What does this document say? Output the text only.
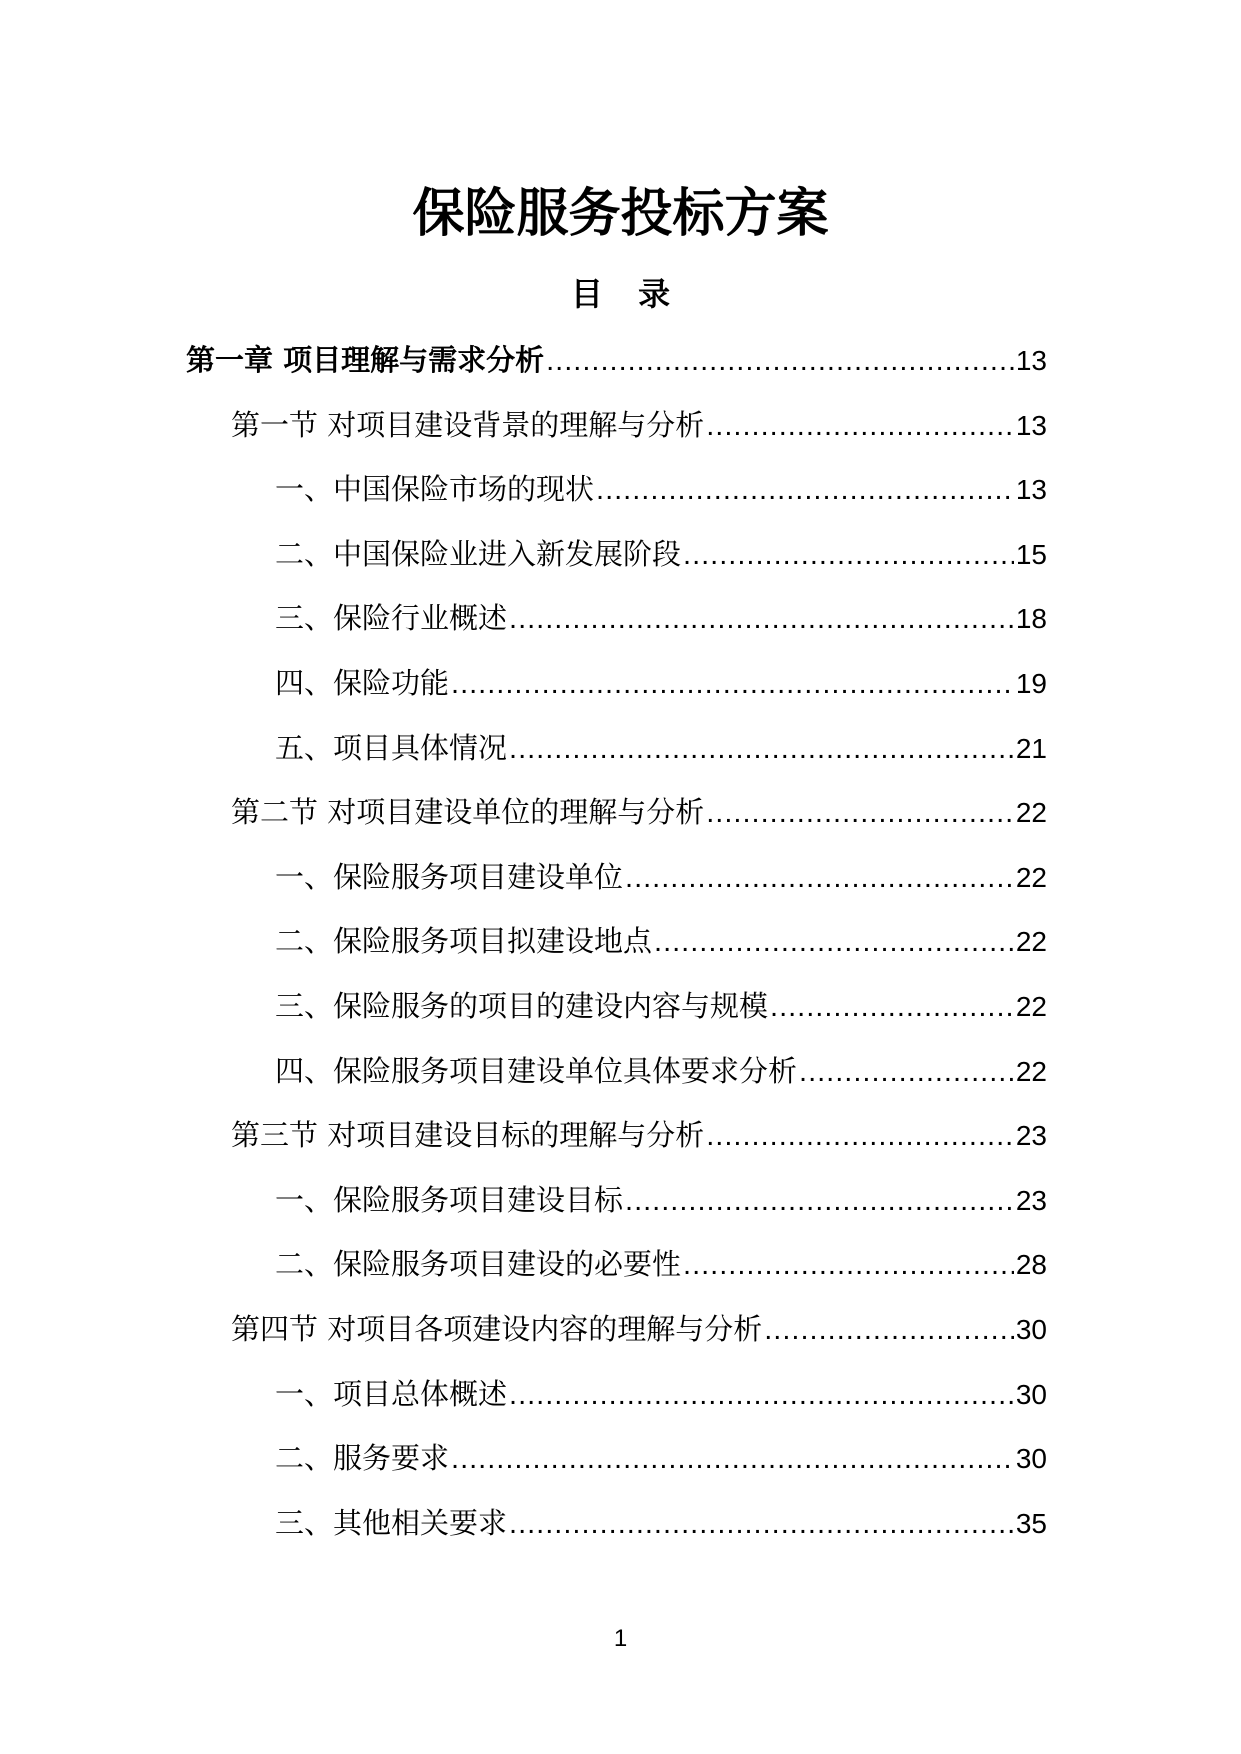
保险服务投标方案
目 录
第一章 项目理解与需求分析 .....	13
第一节 对项目建设背景的理解与分析 .....	13
一、中国保险市场的现状 .....	13
二、中国保险业进入新发展阶段 .....	15
三、保险行业概述 .....	18
四、保险功能 .....	19
五、项目具体情况 .....	21
第二节 对项目建设单位的理解与分析 .....	22
一、保险服务项目建设单位 .....	22
二、保险服务项目拟建设地点 .....	22
三、保险服务的项目的建设内容与规模 .....	22
四、保险服务项目建设单位具体要求分析 .....	22
第三节 对项目建设目标的理解与分析 .....	23
一、保险服务项目建设目标 .....	23
二、保险服务项目建设的必要性 .....	28
第四节 对项目各项建设内容的理解与分析 .....	30
一、项目总体概述 .....	30
二、服务要求 .....	30
三、其他相关要求 .....	35
1
